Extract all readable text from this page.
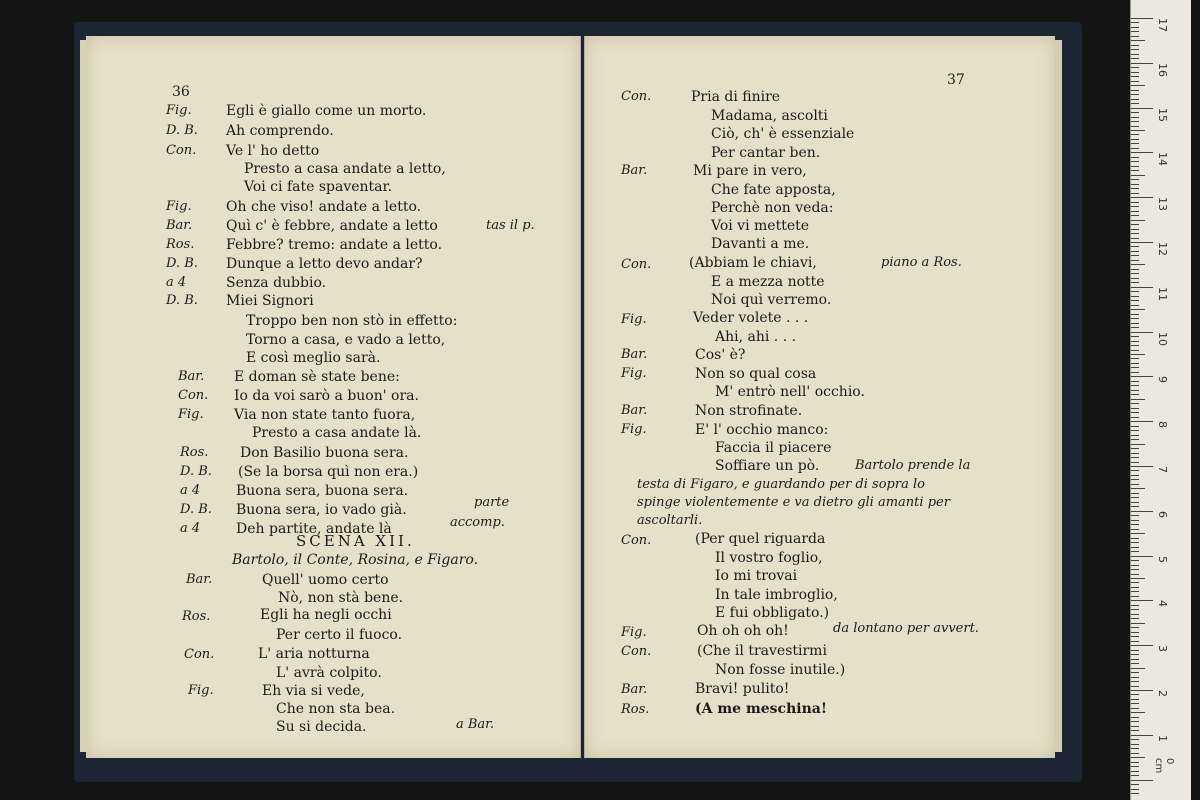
36
Fig. Egli è giallo come un morto.
D. B. Ah comprendo.
Con. Ve l' ho detto
Presto a casa andate a letto,
Voi ci fate spaventar.
Fig. Oh che viso! andate a letto.
Bar. Quì c' è febbre, andate a letto	tas il p.
Ros. Febbre? tremo: andate a letto.
D. B. Dunque a letto devo andar?
a 4	Senza dubbio.
D. B. Miei Signori
Troppo ben non stò in effetto:
Torno a casa, e vado a letto,
E così meglio sarà.
Bar. E doman sè state bene:
Con. Io da voi sarò a buon' ora.
Fig. Via non state tanto fuora,
Presto a casa andate là.
Ros. Don Basilio buona sera.
D. B. (Se la borsa quì non era.)
a 4	Buona sera, buona sera.
D. B. Buona sera, io vado già.	parte
a 4	Deh partite, andate là	accomp.
SCENA XII.
Bartolo, il Conte, Rosina, e Figaro.
Bar.	Quell' uomo certo
Nò, non stà bene.
Ros.	Egli ha negli occhi
Per certo il fuoco.
Con.	L' aria notturna
L' avrà colpito.
Fig.	Eh via si vede,
Che non sta bea.
Su si decida.	a Bar.
37
Con.	Pria di finire
Madama, ascolti
Ciò, ch' è essenziale
Per cantar ben.
Bar.	Mi pare in vero,
Che fate apposta,
Perchè non veda:
Voi vi mettete
Davanti a me.
Con.	(Abbiam le chiavi,	piano a Ros.
E a mezza notte
Noi quì verremo.
Fig.	Veder volete . . .
Ahi, ahi . . .
Bar.	Cos' è?
Fig.	Non so qual cosa
M' entrò nell' occhio.
Bar.	Non strofinate.
Fig.	E' l' occhio manco:
Faccia il piacere
Soffiare un pò.	Bartolo prende la
testa di Figaro, e guardando per di sopra lo
spinge violentemente e va dietro gli amanti per
ascoltarli.
Con.	(Per quel riguarda
Il vostro foglio,
Io mi trovai
In tale imbroglio,
E fui obbligato.)
Fig.	Oh oh oh oh!	da lontano per avvert.
Con.	(Che il travestirmi
Non fosse inutile.)
Bar.	Bravi! pulito!
Ros.	(A me meschina!
17
16
15
14
13
12
11
10
9
8
7
6
5
4
3
2
1
0 cm
